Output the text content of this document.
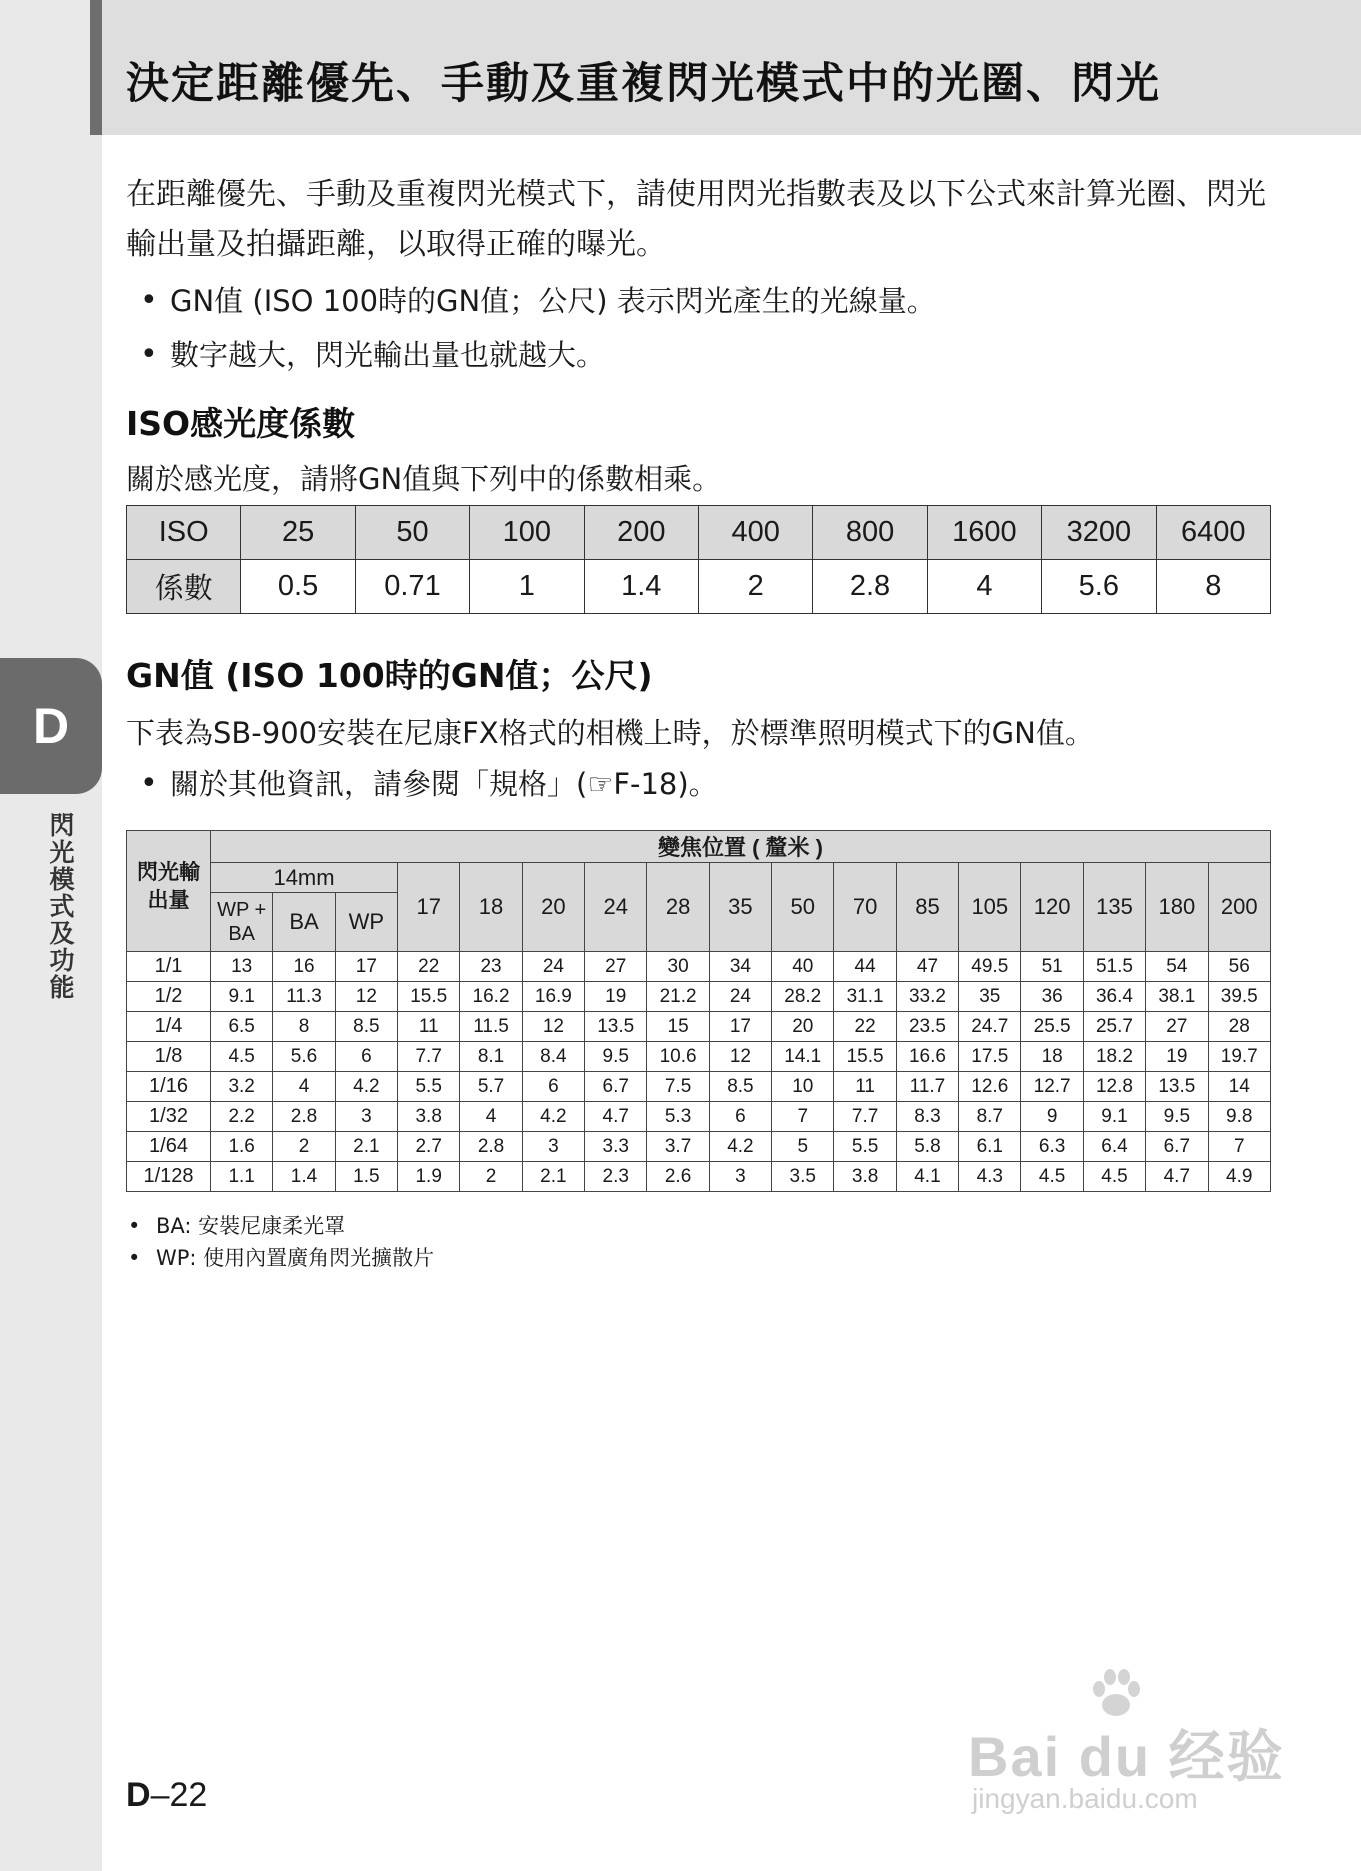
D
閃光模式及功能
決定距離優先、手動及重複閃光模式中的光圈、閃光

在距離優先、手動及重複閃光模式下，請使用閃光指數表及以下公式來計算光圈、閃光輸出量及拍攝距離，以取得正確的曝光。

• GN值 (ISO 100時的GN值；公尺) 表示閃光產生的光線量。
• 數字越大，閃光輸出量也就越大。
ISO感光度係數

關於感光度，請將GN值與下列中的係數相乘。

ISO	25	50	100	200	400	800	1600	3200	6400
係數	0.5	0.71	1	1.4	2	2.8	4	5.6	8
GN值 (ISO 100時的GN值；公尺)

下表為SB-900安裝在尼康FX格式的相機上時，於標準照明模式下的GN值。

• 關於其他資訊，請參閱「規格」(☞F-18)。
閃光輸出量	變焦位置 ( 釐米 )																
	14mm			17	18	20	24	28	35	50	70	85	105	120	135	180	200
	WP + BA	BA	WP														
1/1	13	16	17	22	23	24	27	30	34	40	44	47	49.5	51	51.5	54	56
1/2	9.1	11.3	12	15.5	16.2	16.9	19	21.2	24	28.2	31.1	33.2	35	36	36.4	38.1	39.5
1/4	6.5	8	8.5	11	11.5	12	13.5	15	17	20	22	23.5	24.7	25.5	25.7	27	28
1/8	4.5	5.6	6	7.7	8.1	8.4	9.5	10.6	12	14.1	15.5	16.6	17.5	18	18.2	19	19.7
1/16	3.2	4	4.2	5.5	5.7	6	6.7	7.5	8.5	10	11	11.7	12.6	12.7	12.8	13.5	14
1/32	2.2	2.8	3	3.8	4	4.2	4.7	5.3	6	7	7.7	8.3	8.7	9	9.1	9.5	9.8
1/64	1.6	2	2.1	2.7	2.8	3	3.3	3.7	4.2	5	5.5	5.8	6.1	6.3	6.4	6.7	7
1/128	1.1	1.4	1.5	1.9	2	2.1	2.3	2.6	3	3.5	3.8	4.1	4.3	4.5	4.5	4.7	4.9
• BA: 安裝尼康柔光罩
• WP: 使用內置廣角閃光擴散片
D–22
Bai du 经验
jingyan.baidu.com
